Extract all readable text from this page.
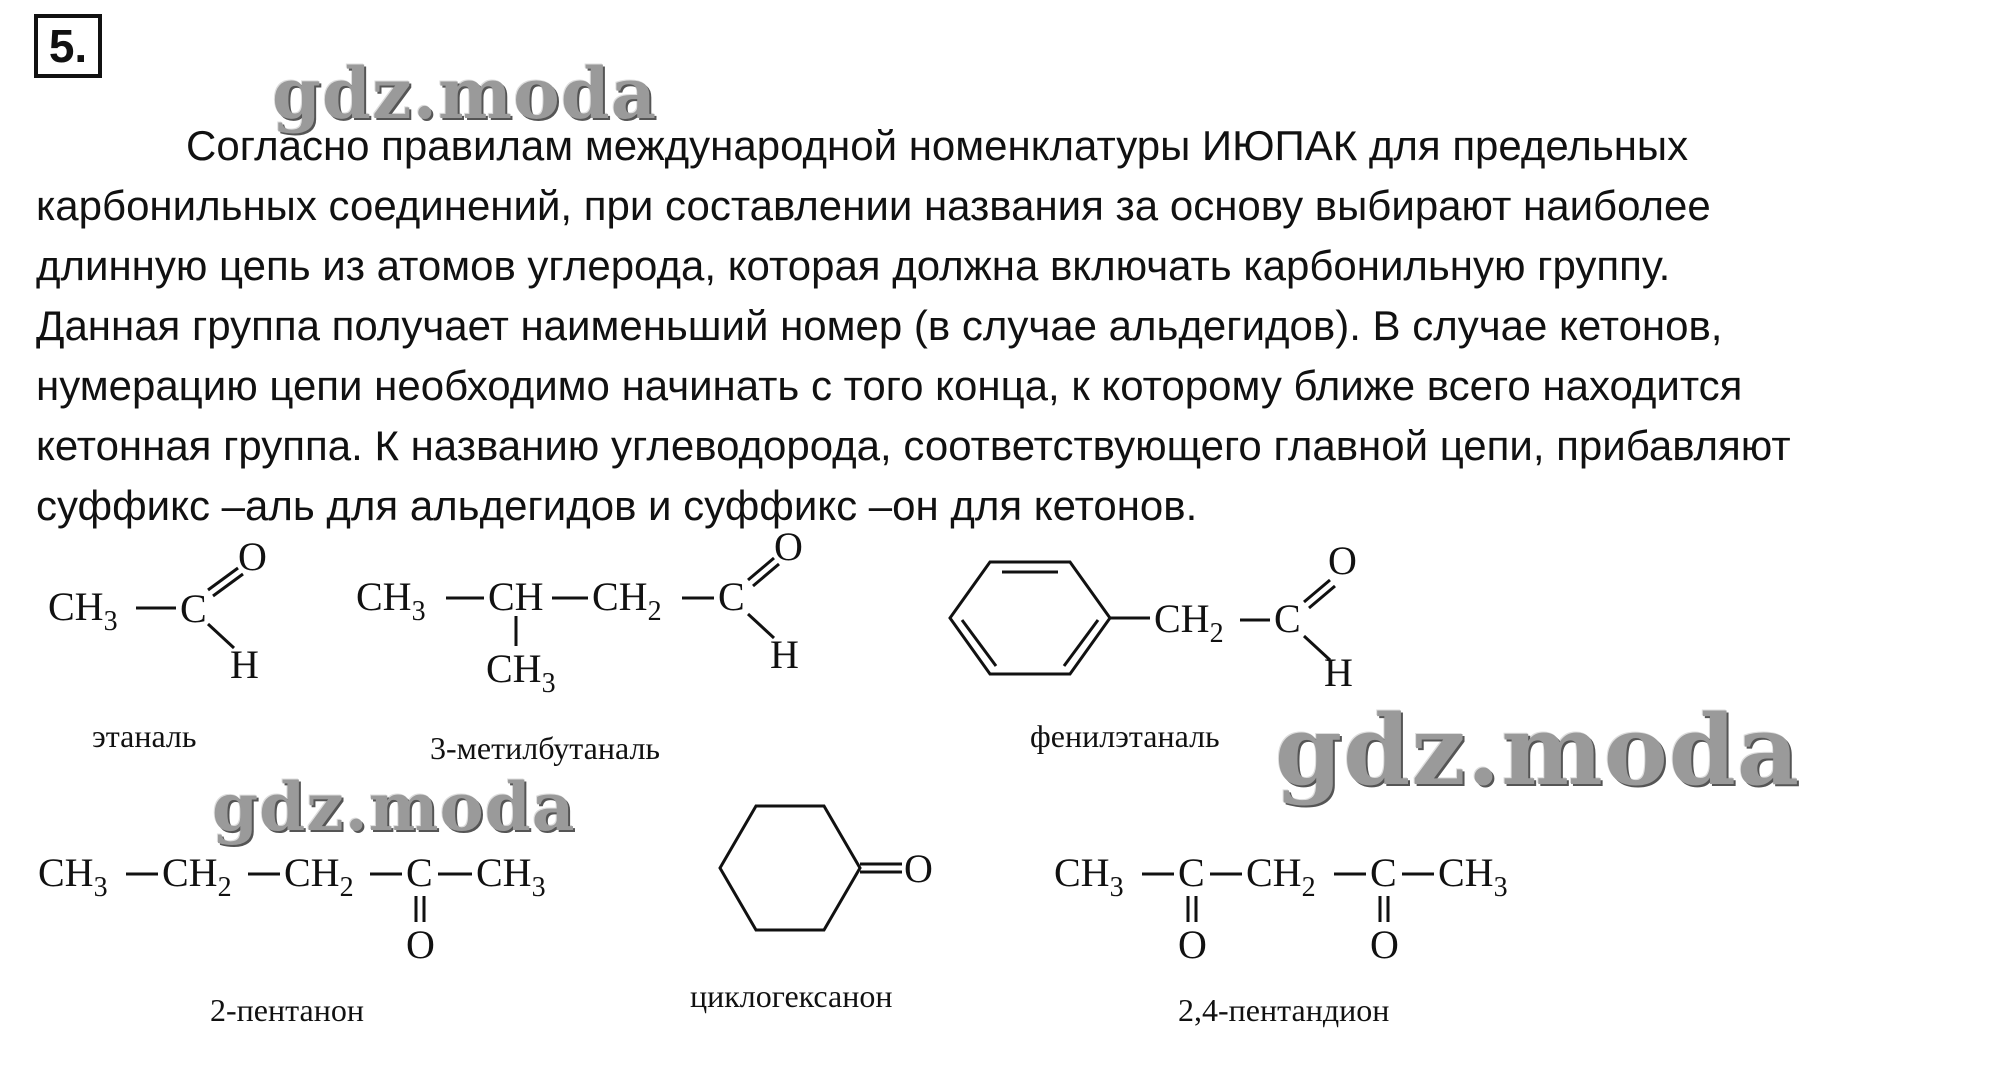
5.
gdz.moda
Согласно правилам международной номенклатуры ИЮПАК для предельных
карбонильных соединений, при составлении названия за основу выбирают наиболее
длинную цепь из атомов углерода, которая должна включать карбонильную группу.
Данная группа получает наименьший номер (в случае альдегидов). В случае кетонов,
нумерацию цепи необходимо начинать с того конца, к которому ближе всего находится
кетонная группа. К названию углеводорода, соответствующего главной цепи, прибавляют
суффикс –аль для альдегидов и суффикс –он для кетонов.
$CH_3$ C
O
H
этаналь
$CH_3$ CH $CH_2$ C
O
H
$CH_3$
3-метилбутаналь
$CH_2$ C
O
H
фенилэтаналь gdz.moda
gdz.moda
$CH_3$ $CH_2$ $CH_2$ C $CH_3$
O
2-пентанон
O
циклогексанон
$CH_3$ C $CH_2$ C $CH_3$
O	O
2,4-пентандион
